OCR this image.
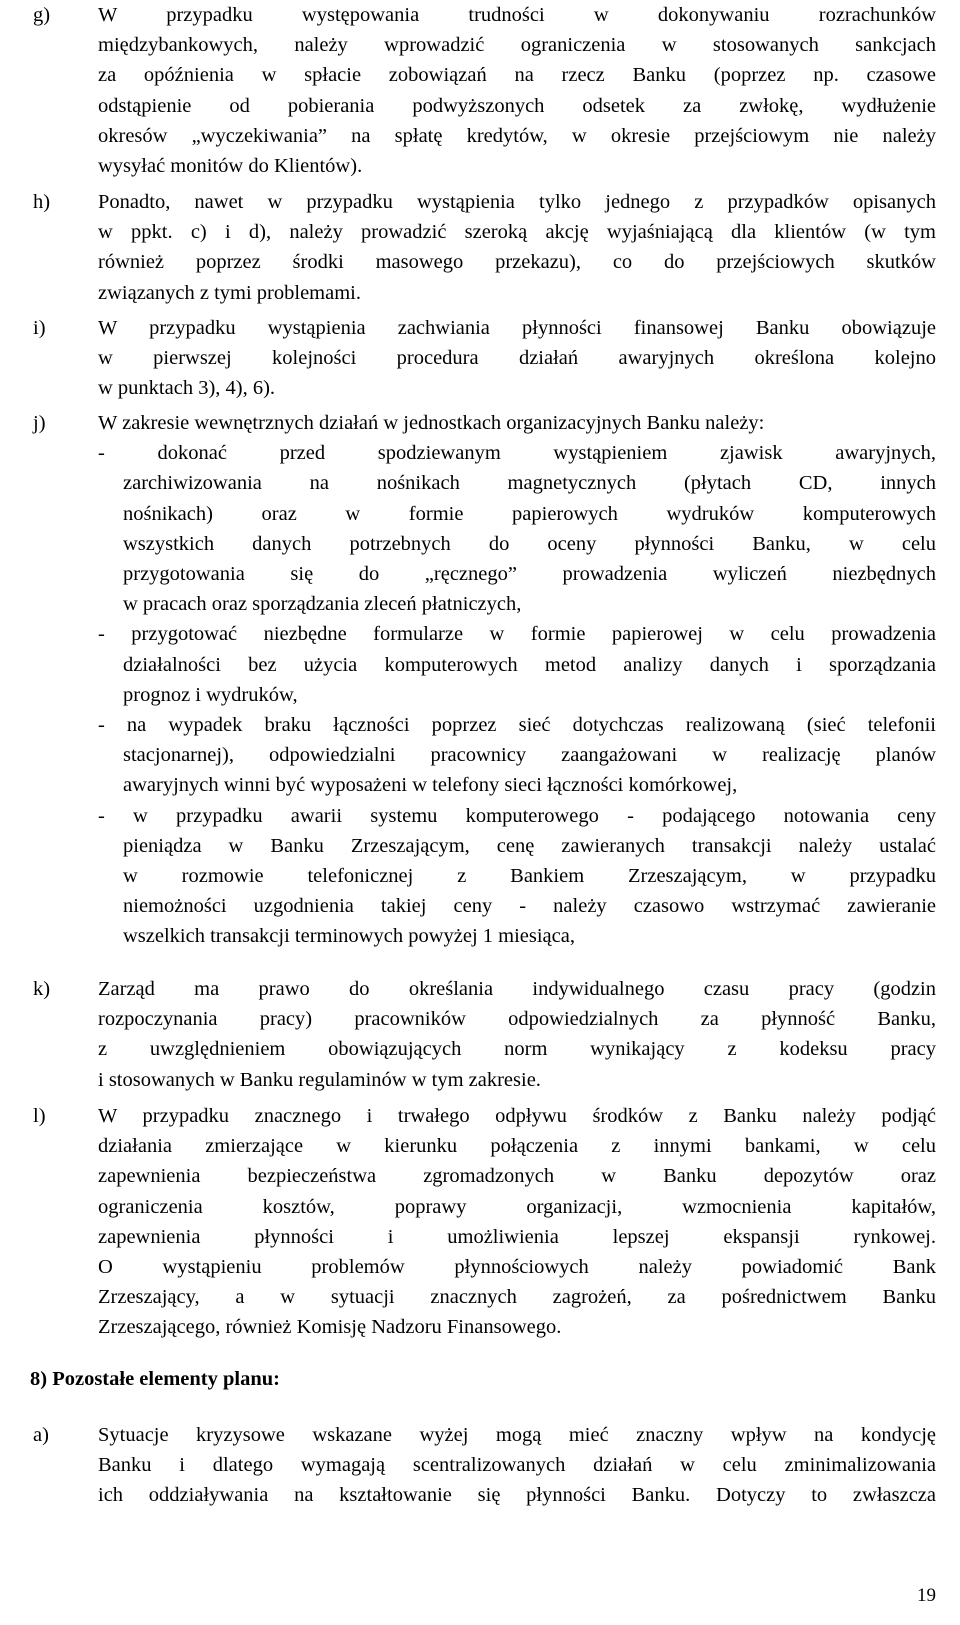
g) W przypadku występowania trudności w dokonywaniu rozrachunków
międzybankowych, należy wprowadzić ograniczenia w stosowanych sankcjach
za opóźnienia w spłacie zobowiązań na rzecz Banku (poprzez np. czasowe
odstąpienie od pobierania podwyższonych odsetek za zwłokę, wydłużenie
okresów „wyczekiwania” na spłatę kredytów, w okresie przejściowym nie należy
wysyłać monitów do Klientów).
h) Ponadto, nawet w przypadku wystąpienia tylko jednego z przypadków opisanych
w ppkt. c) i d), należy prowadzić szeroką akcję wyjaśniającą dla klientów (w tym
również poprzez środki masowego przekazu), co do przejściowych skutków
związanych z tymi problemami.
i)	W przypadku wystąpienia zachwiania płynności finansowej Banku obowiązuje
w pierwszej kolejności procedura działań awaryjnych określona kolejno
w punktach 3), 4), 6).
j)	W zakresie wewnętrznych działań w jednostkach organizacyjnych Banku należy:
- dokonać przed spodziewanym wystąpieniem zjawisk awaryjnych,
zarchiwizowania na nośnikach magnetycznych (płytach CD, innych
nośnikach) oraz w formie papierowych wydruków komputerowych
wszystkich danych potrzebnych do oceny płynności Banku, w celu
przygotowania się do „ręcznego” prowadzenia wyliczeń niezbędnych
w pracach oraz sporządzania zleceń płatniczych,
- przygotować niezbędne formularze w formie papierowej w celu prowadzenia
działalności bez użycia komputerowych metod analizy danych i sporządzania
prognoz i wydruków,
- na wypadek braku łączności poprzez sieć dotychczas realizowaną (sieć telefonii
stacjonarnej), odpowiedzialni pracownicy zaangażowani w realizację planów
awaryjnych winni być wyposażeni w telefony sieci łączności komórkowej,
- w przypadku awarii systemu komputerowego - podającego notowania ceny
pieniądza w Banku Zrzeszającym, cenę zawieranych transakcji należy ustalać
w rozmowie telefonicznej z Bankiem Zrzeszającym, w przypadku
niemożności uzgodnienia takiej ceny - należy czasowo wstrzymać zawieranie
wszelkich transakcji terminowych powyżej 1 miesiąca,
k) Zarząd ma prawo do określania indywidualnego czasu pracy (godzin
rozpoczynania pracy) pracowników odpowiedzialnych za płynność Banku,
z uwzględnieniem obowiązujących norm wynikający z kodeksu pracy
i stosowanych w Banku regulaminów w tym zakresie.
l)	W przypadku znacznego i trwałego odpływu środków z Banku należy podjąć
działania zmierzające w kierunku połączenia z innymi bankami, w celu
zapewnienia bezpieczeństwa zgromadzonych w Banku depozytów oraz
ograniczenia kosztów, poprawy organizacji, wzmocnienia kapitałów,
zapewnienia płynności i umożliwienia lepszej ekspansji rynkowej.
O wystąpieniu problemów płynnościowych należy powiadomić Bank
Zrzeszający, a w sytuacji znacznych zagrożeń, za pośrednictwem Banku
Zrzeszającego, również Komisję Nadzoru Finansowego.
8) Pozostałe elementy planu:
a) Sytuacje kryzysowe wskazane wyżej mogą mieć znaczny wpływ na kondycję
Banku i dlatego wymagają scentralizowanych działań w celu zminimalizowania
ich oddziaływania na kształtowanie się płynności Banku. Dotyczy to zwłaszcza
19
